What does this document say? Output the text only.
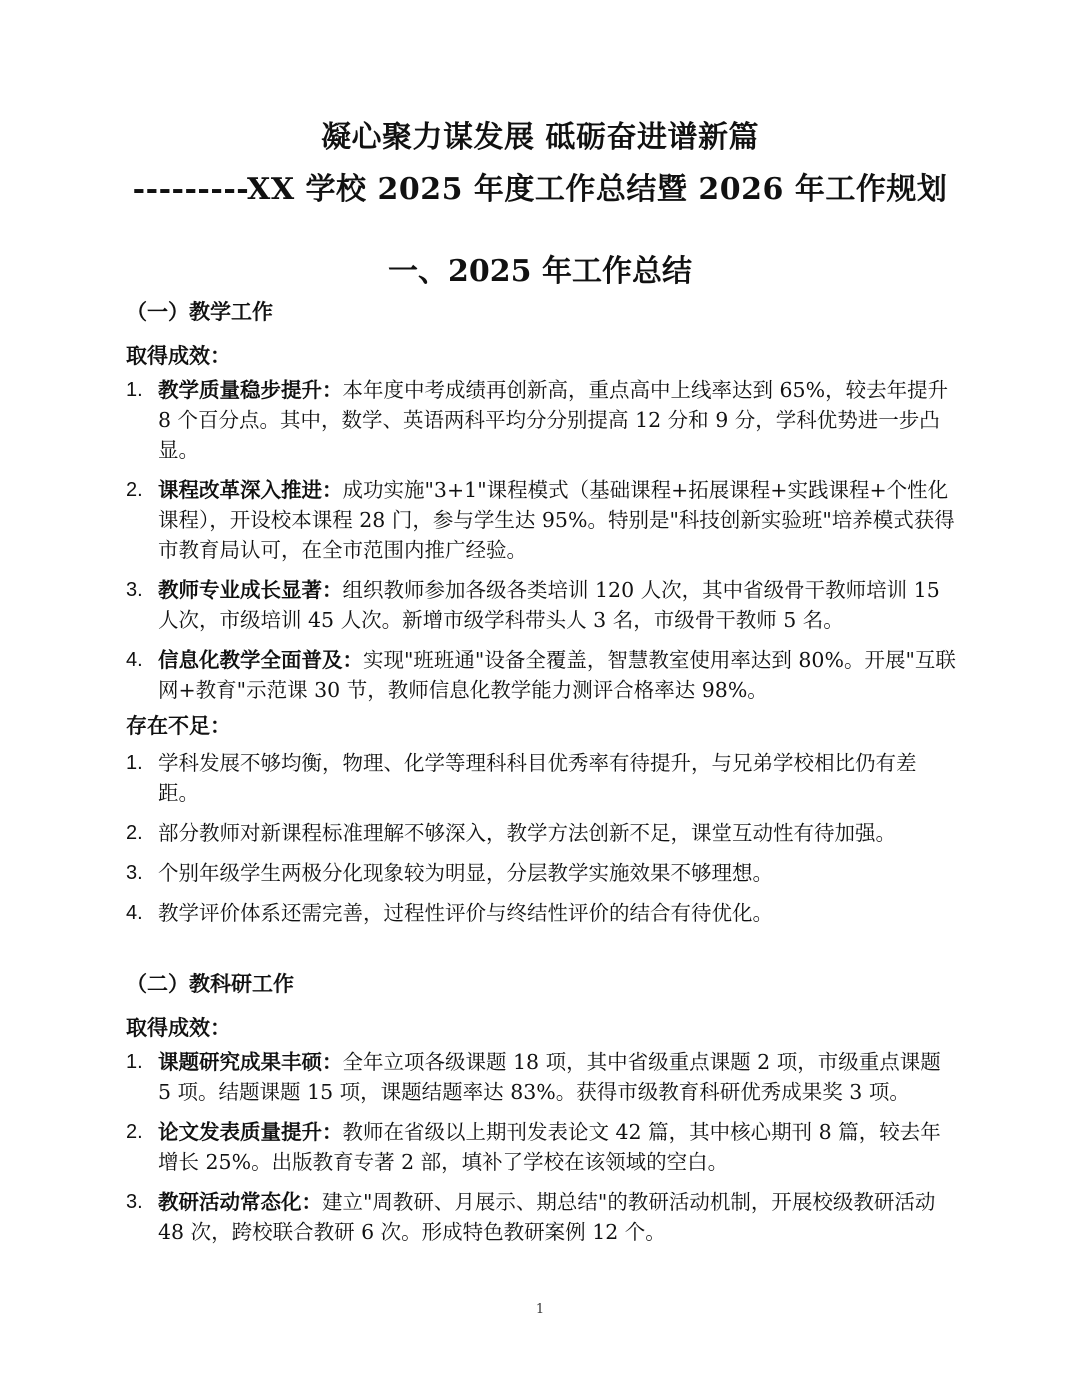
凝心聚力谋发展 砥砺奋进谱新篇
---------XX 学校 2025 年度工作总结暨 2026 年工作规划
一、2025 年工作总结
（一）教学工作
取得成效：
1. 教学质量稳步提升：本年度中考成绩再创新高，重点高中上线率达到 65%，较去年提升 8 个百分点。其中，数学、英语两科平均分分别提高 12 分和 9 分，学科优势进一步凸显。
2. 课程改革深入推进：成功实施"3+1"课程模式（基础课程+拓展课程+实践课程+个性化课程），开设校本课程 28 门，参与学生达 95%。特别是"科技创新实验班"培养模式获得市教育局认可，在全市范围内推广经验。
3. 教师专业成长显著：组织教师参加各级各类培训 120 人次，其中省级骨干教师培训 15 人次，市级培训 45 人次。新增市级学科带头人 3 名，市级骨干教师 5 名。
4. 信息化教学全面普及：实现"班班通"设备全覆盖，智慧教室使用率达到 80%。开展"互联网+教育"示范课 30 节，教师信息化教学能力测评合格率达 98%。
存在不足：
1. 学科发展不够均衡，物理、化学等理科科目优秀率有待提升，与兄弟学校相比仍有差距。
2. 部分教师对新课程标准理解不够深入，教学方法创新不足，课堂互动性有待加强。
3. 个别年级学生两极分化现象较为明显，分层教学实施效果不够理想。
4. 教学评价体系还需完善，过程性评价与终结性评价的结合有待优化。
（二）教科研工作
取得成效：
1. 课题研究成果丰硕：全年立项各级课题 18 项，其中省级重点课题 2 项，市级重点课题 5 项。结题课题 15 项，课题结题率达 83%。获得市级教育科研优秀成果奖 3 项。
2. 论文发表质量提升：教师在省级以上期刊发表论文 42 篇，其中核心期刊 8 篇，较去年增长 25%。出版教育专著 2 部，填补了学校在该领域的空白。
3. 教研活动常态化：建立"周教研、月展示、期总结"的教研活动机制，开展校级教研活动 48 次，跨校联合教研 6 次。形成特色教研案例 12 个。
1
